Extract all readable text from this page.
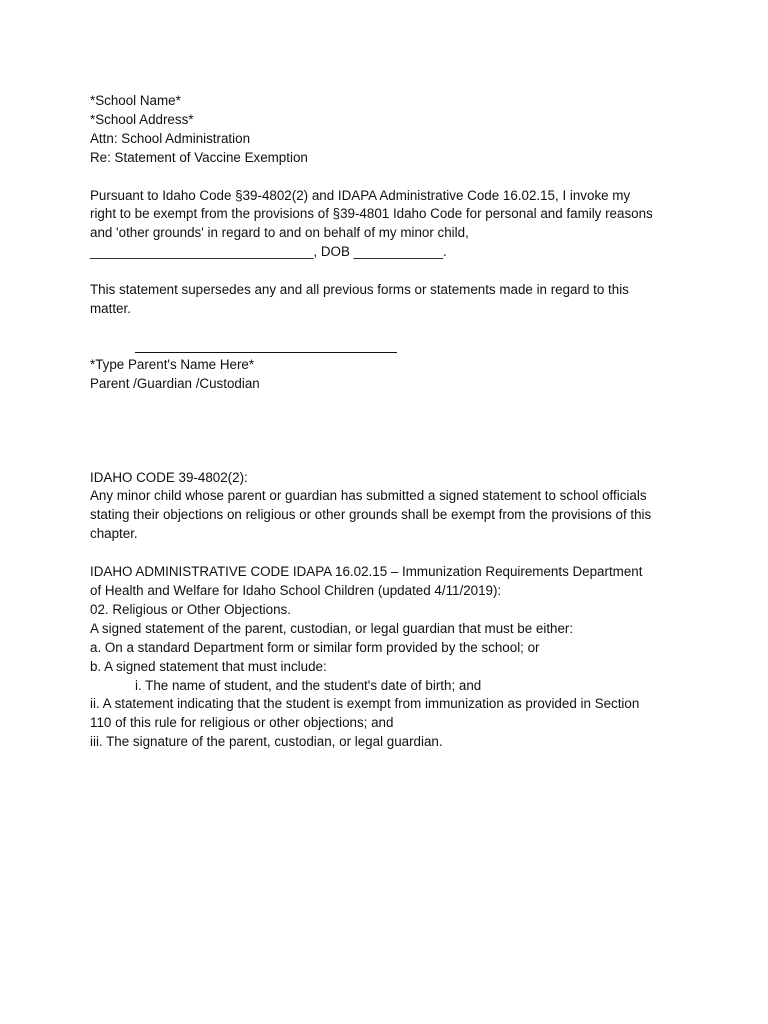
*School Name*
*School Address*
Attn: School Administration
Re: Statement of Vaccine Exemption
Pursuant to Idaho Code §39-4802(2) and IDAPA Administrative Code 16.02.15, I invoke my
right to be exempt from the provisions of §39-4801 Idaho Code for personal and family reasons
and 'other grounds' in regard to and on behalf of my minor child,
______________________________, DOB ____________.
This statement supersedes any and all previous forms or statements made in regard to this
matter.
*Type Parent's Name Here*
Parent /Guardian /Custodian
IDAHO CODE 39-4802(2):
Any minor child whose parent or guardian has submitted a signed statement to school officials
stating their objections on religious or other grounds shall be exempt from the provisions of this
chapter.
IDAHO ADMINISTRATIVE CODE IDAPA 16.02.15 – Immunization Requirements Department
of Health and Welfare for Idaho School Children (updated 4/11/2019):
02. Religious or Other Objections.
A signed statement of the parent, custodian, or legal guardian that must be either:
a. On a standard Department form or similar form provided by the school; or
b. A signed statement that must include:
i. The name of student, and the student's date of birth; and
ii. A statement indicating that the student is exempt from immunization as provided in Section
110 of this rule for religious or other objections; and
iii. The signature of the parent, custodian, or legal guardian.
